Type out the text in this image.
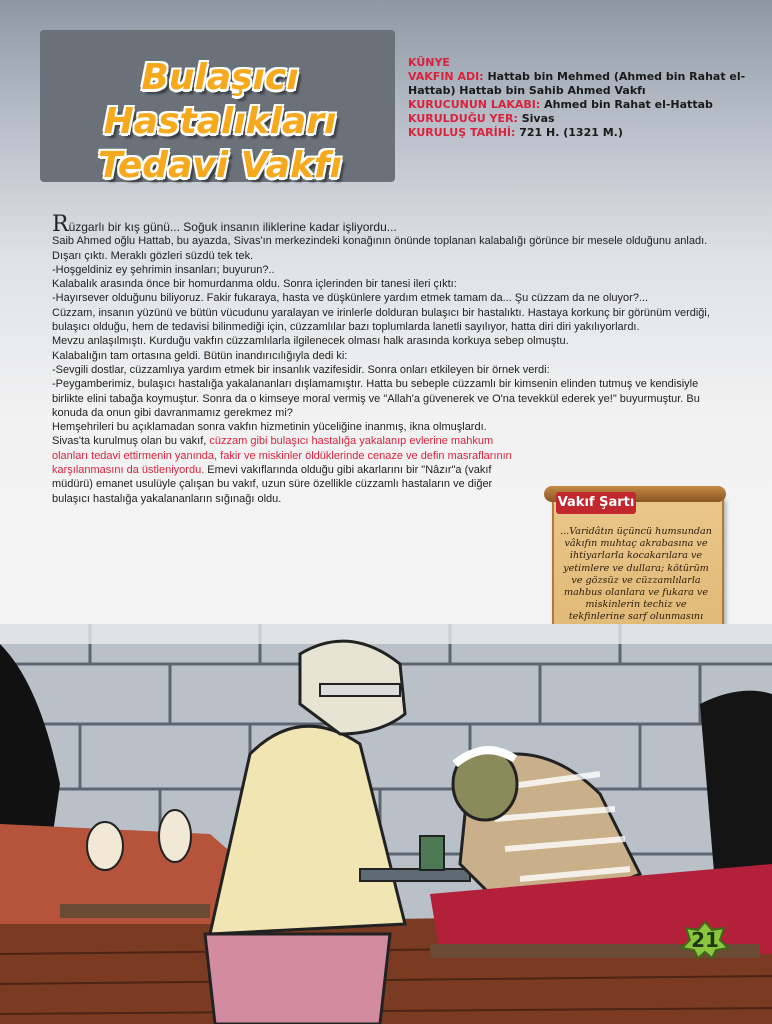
Bulaşıcı Hastalıkları
Tedavi Vakfı
KÜNYE
VAKFIN ADI: Hattab bin Mehmed (Ahmed bin Rahat el-Hattab) Hattab bin Sahib Ahmed Vakfı
KURUCUNUN LAKABI: Ahmed bin Rahat el-Hattab
KURULDUĞU YER: Sivas
KURULUŞ TARİHİ: 721 H. (1321 M.)

Rüzgarlı bir kış günü... Soğuk insanın iliklerine kadar işliyordu...

Saib Ahmed oğlu Hattab, bu ayazda, Sivas'ın merkezindeki konağının önünde toplanan kalabalığı görünce bir mesele olduğunu anladı. Dışarı çıktı. Meraklı gözleri süzdü tek tek.

-Hoşgeldiniz ey şehrimin insanları; buyurun?..

Kalabalık arasında önce bir homurdanma oldu. Sonra içlerinden bir tanesi ileri çıktı:

-Hayırsever olduğunu biliyoruz. Fakir fukaraya, hasta ve düşkünlere yardım etmek tamam da... Şu cüzzam da ne oluyor?...

Cüzzam, insanın yüzünü ve bütün vücudunu yaralayan ve irinlerle dolduran bulaşıcı bir hastalıktı. Hastaya korkunç bir görünüm verdiği, bulaşıcı olduğu, hem de tedavisi bilinmediği için, cüzzamlılar bazı toplumlarda lanetli sayılıyor, hatta diri diri yakılıyorlardı.

Mevzu anlaşılmıştı. Kurduğu vakfın cüzzamlılarla ilgilenecek olması halk arasında korkuya sebep olmuştu.

Kalabalığın tam ortasına geldi. Bütün inandırıcılığıyla dedi ki:

-Sevgili dostlar, cüzzamlıya yardım etmek bir insanlık vazifesidir. Sonra onları etkileyen bir örnek verdi:

-Peygamberimiz, bulaşıcı hastalığa yakalananları dışlamamıştır. Hatta bu sebeple cüzzamlı bir kimsenin elinden tutmuş ve kendisiyle birlikte elini tabağa koymuştur. Sonra da o kimseye moral vermiş ve "Allah'a güvenerek ve O'na tevekkül ederek ye!" buyurmuştur. Bu konuda da onun gibi davranmamız gerekmez mi?

Hemşehrileri bu açıklamadan sonra vakfın hizmetinin yüceliğine inanmış, ikna olmuşlardı.

Sivas'ta kurulmuş olan bu vakıf, cüzzam gibi bulaşıcı hastalığa yakalanıp evlerine mahkum olanları tedavi ettirmenin yanında, fakir ve miskinler öldüklerinde cenaze ve defin masraflarının karşılanmasını da üstleniyordu. Emevi vakıflarında olduğu gibi akarlarını bir "Nâzır"a (vakıf müdürü) emanet usulüyle çalışan bu vakıf, uzun süre özellikle cüzzamlı hastaların ve diğer bulaşıcı hastalığa yakalananların sığınağı oldu.	Vakıf Şartı
...Varidâtın üçüncü humsundan vâkıfın muhtaç akrabasına ve ihtiyarlarla kocakarılara ve yetimlere ve dullara; kötürüm ve gözsüz ve cüzzamlılarla mahbus olanlara ve fukara ve miskinlerin techiz ve tekfinlerine sarf olunmasını
21
